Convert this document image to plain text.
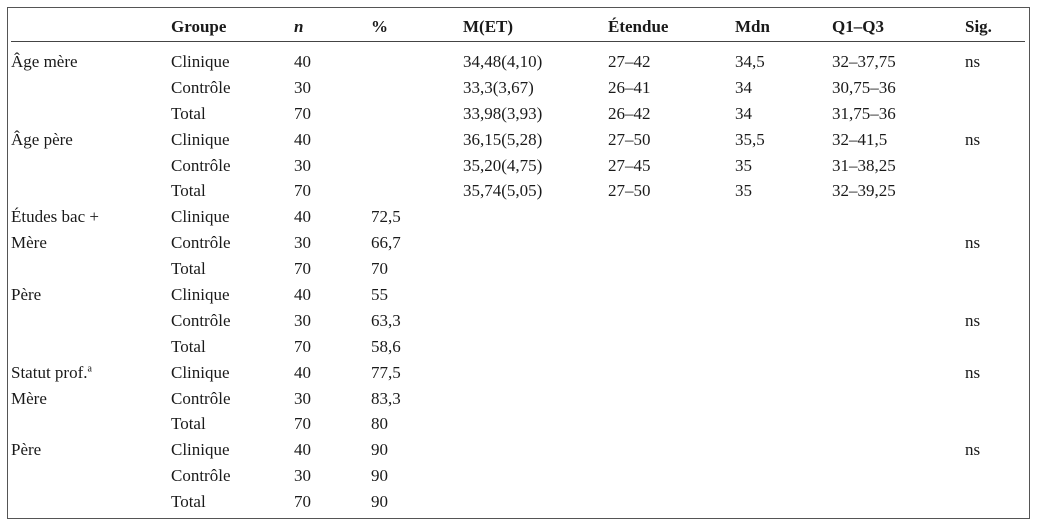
	Groupe	n	%	M(ET)	Étendue	Mdn	Q1–Q3	Sig.
Âge mère	Clinique	40		34,48(4,10)	27–42	34,5	32–37,75	ns
	Contrôle	30		33,3(3,67)	26–41	34	30,75–36	
	Total	70		33,98(3,93)	26–42	34	31,75–36	
Âge père	Clinique	40		36,15(5,28)	27–50	35,5	32–41,5	ns
	Contrôle	30		35,20(4,75)	27–45	35	31–38,25	
	Total	70		35,74(5,05)	27–50	35	32–39,25	
Études bac +	Clinique	40	72,5					
Mère	Contrôle	30	66,7					ns
	Total	70	70					
Père	Clinique	40	55					
	Contrôle	30	63,3					ns
	Total	70	58,6					
Statut prof.$^a$	Clinique	40	77,5					ns
Mère	Contrôle	30	83,3					
	Total	70	80					
Père	Clinique	40	90					ns
	Contrôle	30	90					
	Total	70	90					
